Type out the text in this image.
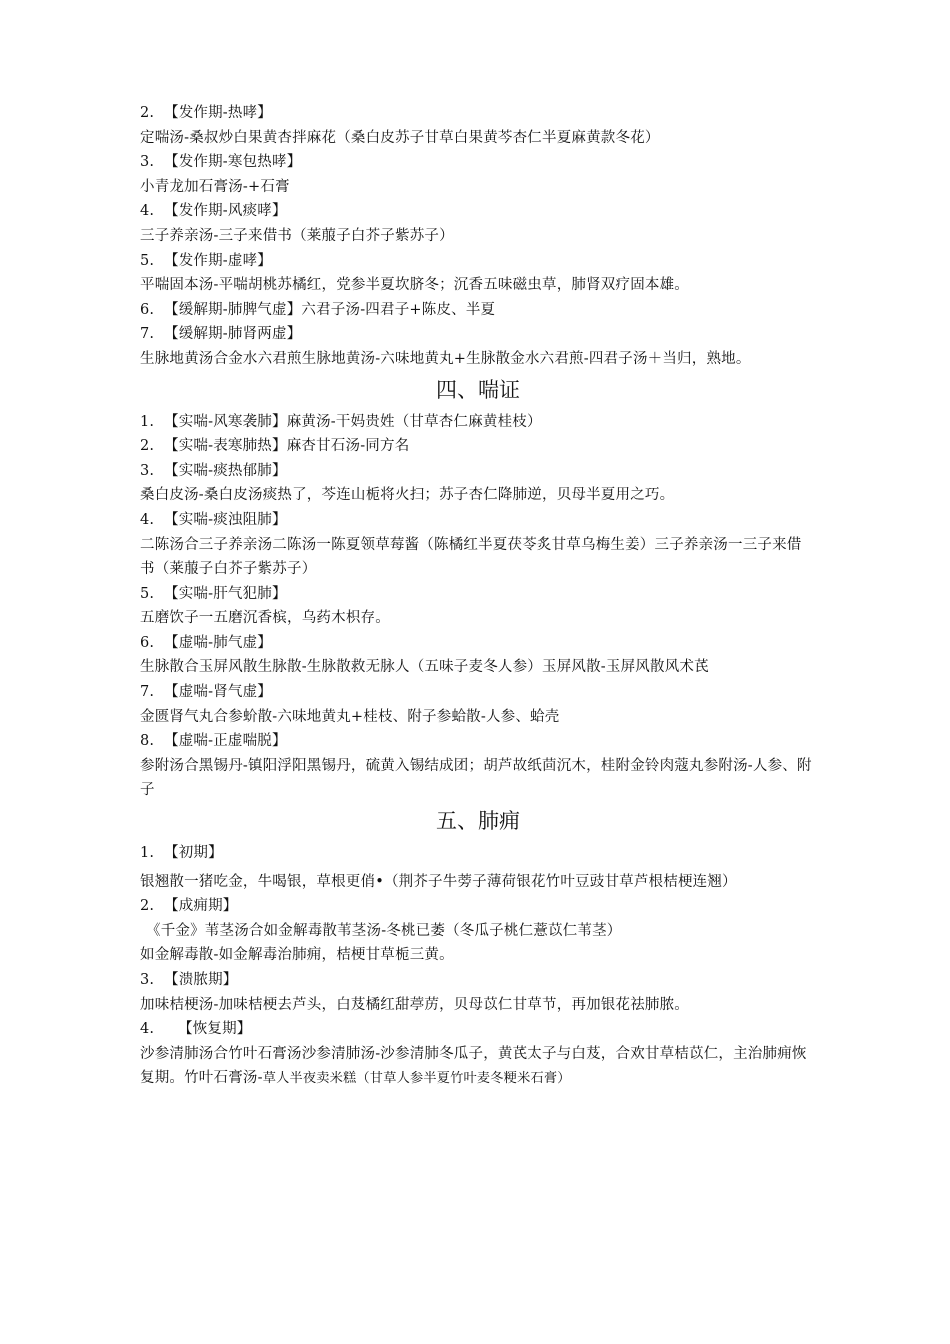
2. 【发作期-热哮】
定喘汤-桑叔炒白果黄杏拌麻花（桑白皮苏子甘草白果黄芩杏仁半夏麻黄款冬花）
3. 【发作期-寒包热哮】
小青龙加石膏汤-+石膏
4. 【发作期-风痰哮】
三子养亲汤-三子来借书（莱菔子白芥子紫苏子）
5. 【发作期-虚哮】
平喘固本汤-平喘胡桃苏橘红，党参半夏坎脐冬；沉香五味磁虫草，肺肾双疗固本雄。
6. 【缓解期-肺脾气虚】六君子汤-四君子+陈皮、半夏
7. 【缓解期-肺肾两虚】
生脉地黄汤合金水六君煎生脉地黄汤-六味地黄丸+生脉散金水六君煎-四君子汤＋当归，熟地。
四、喘证
1. 【实喘-风寒袭肺】麻黄汤-干妈贵姓（甘草杏仁麻黄桂枝）
2. 【实喘-表寒肺热】麻杏甘石汤-同方名
3. 【实喘-痰热郁肺】
桑白皮汤-桑白皮汤痰热了，芩连山栀将火扫；苏子杏仁降肺逆，贝母半夏用之巧。
4. 【实喘-痰浊阻肺】
二陈汤合三子养亲汤二陈汤一陈夏领草莓酱（陈橘红半夏茯苓炙甘草乌梅生姜）三子养亲汤一三子来借书（莱菔子白芥子紫苏子）
5. 【实喘-肝气犯肺】
五磨饮子一五磨沉香槟，乌药木枳存。
6. 【虚喘-肺气虚】
生脉散合玉屏风散生脉散-生脉散救无脉人（五味子麦冬人参）玉屏风散-玉屏风散风术芪
7. 【虚喘-肾气虚】
金匮肾气丸合参蚧散-六味地黄丸+桂枝、附子参蛤散-人参、蛤壳
8. 【虚喘-正虚喘脱】
参附汤合黑锡丹-镇阳浮阳黑锡丹，硫黄入锡结成团；胡芦故纸茴沉木，桂附金铃肉蔻丸参附汤-人参、附子
五、肺痈
1. 【初期】
银翘散一猪吃金，牛喝银，草根更俏•（荆芥子牛蒡子薄荷银花竹叶豆豉甘草芦根桔梗连翘）
2. 【成痈期】
《千金》苇茎汤合如金解毒散苇茎汤-冬桃已萎（冬瓜子桃仁薏苡仁苇茎）
如金解毒散-如金解毒治肺痈，桔梗甘草栀三黄。
3. 【溃脓期】
加味桔梗汤-加味桔梗去芦头，白芨橘红甜葶苈，贝母苡仁甘草节，再加银花祛肺脓。
4. 【恢复期】
沙参清肺汤合竹叶石膏汤沙参清肺汤-沙参清肺冬瓜子，黄芪太子与白芨，合欢甘草桔苡仁，主治肺痈恢复期。竹叶石膏汤-草人半夜卖米糕（甘草人参半夏竹叶麦冬粳米石膏）
